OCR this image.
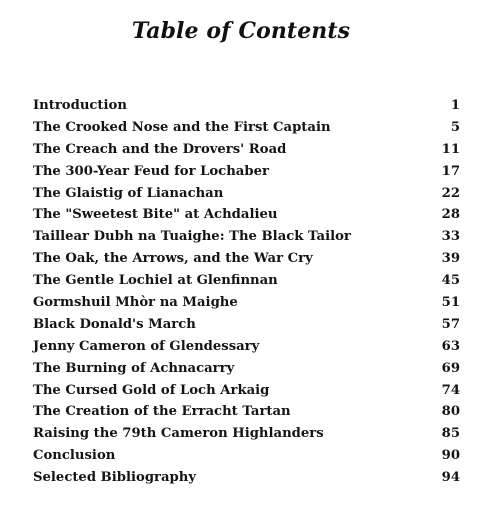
Table of Contents
Introduction	1
The Crooked Nose and the First Captain	5
The Creach and the Drovers' Road	11
The 300-Year Feud for Lochaber	17
The Glaistig of Lianachan	22
The "Sweetest Bite" at Achdalieu	28
Taillear Dubh na Tuaighe: The Black Tailor	33
The Oak, the Arrows, and the War Cry	39
The Gentle Lochiel at Glenfinnan	45
Gormshuil Mhòr na Maighe	51
Black Donald's March	57
Jenny Cameron of Glendessary	63
The Burning of Achnacarry	69
The Cursed Gold of Loch Arkaig	74
The Creation of the Erracht Tartan	80
Raising the 79th Cameron Highlanders	85
Conclusion	90
Selected Bibliography	94
